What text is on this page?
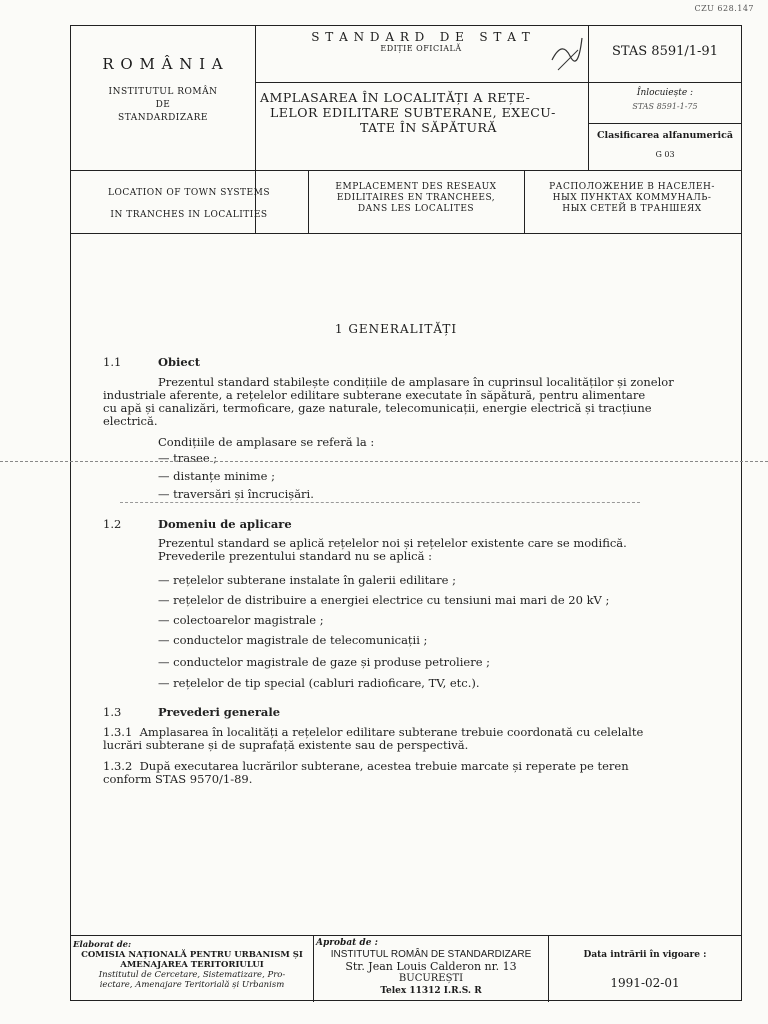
CZU 628.147
R O M Â N I A
INSTITUTUL ROMÂN
DE
STANDARDIZARE
S T A N D A R D   D E   S T A T
EDIȚIE OFICIALĂ
AMPLASAREA ÎN LOCALITĂȚI A REȚE-
LELOR EDILITARE SUBTERANE, EXECU-
TATE ÎN SĂPĂTURĂ
STAS 8591/1-91
Înlocuiește :
STAS 8591-1-75
Clasificarea alfanumerică
G 03
LOCATION OF TOWN SYSTEMS
IN TRANCHES IN LOCALITIES
EMPLACEMENT DES RESEAUX
EDILITAIRES EN TRANCHEES,
DANS LES LOCALITES
РАСПОЛОЖЕНИЕ В НАСЕЛЕН-
НЫХ ПУНКТАХ КОММУНАЛЬ-
НЫХ СЕТЕЙ В ТРАНШЕЯХ
1 GENERALITĂȚI
1.1	Obiect
Prezentul standard stabilește condițiile de amplasare în cuprinsul localităților și zonelor
industriale aferente, a rețelelor edilitare subterane executate în săpătură, pentru alimentare
cu apă și canalizări, termoficare, gaze naturale, telecomunicații, energie electrică și tracțiune
electrică.
Condițiile de amplasare se referă la :
— trasee ;
— distanțe minime ;
— traversări și încrucișări.
1.2	Domeniu de aplicare
Prezentul standard se aplică rețelelor noi și rețelelor existente care se modifică.
Prevederile prezentului standard nu se aplică :
— rețelelor subterane instalate în galerii edilitare ;
— rețelelor de distribuire a energiei electrice cu tensiuni mai mari de 20 kV ;
— colectoarelor magistrale ;
— conductelor magistrale de telecomunicații ;
— conductelor magistrale de gaze și produse petroliere ;
— rețelelor de tip special (cabluri radioficare, TV, etc.).
1.3	Prevederi generale
1.3.1 Amplasarea în localități a rețelelor edilitare subterane trebuie coordonată cu celelalte
lucrări subterane și de suprafață existente sau de perspectivă.
1.3.2 După executarea lucrărilor subterane, acestea trebuie marcate și reperate pe teren
conform STAS 9570/1-89.
Elaborat de:
COMISIA NAȚIONALĂ PENTRU URBANISM ȘI
AMENAJAREA TERITORIULUI
Institutul de Cercetare, Sistematizare, Pro-
iectare, Amenajare Teritorială și Urbanism
Aprobat de :
INSTITUTUL ROMÂN DE STANDARDIZARE
Str. Jean Louis Calderon nr. 13
BUCUREȘTI
Telex 11312 I.R.S. R
Data intrării în vigoare :
1991-02-01
